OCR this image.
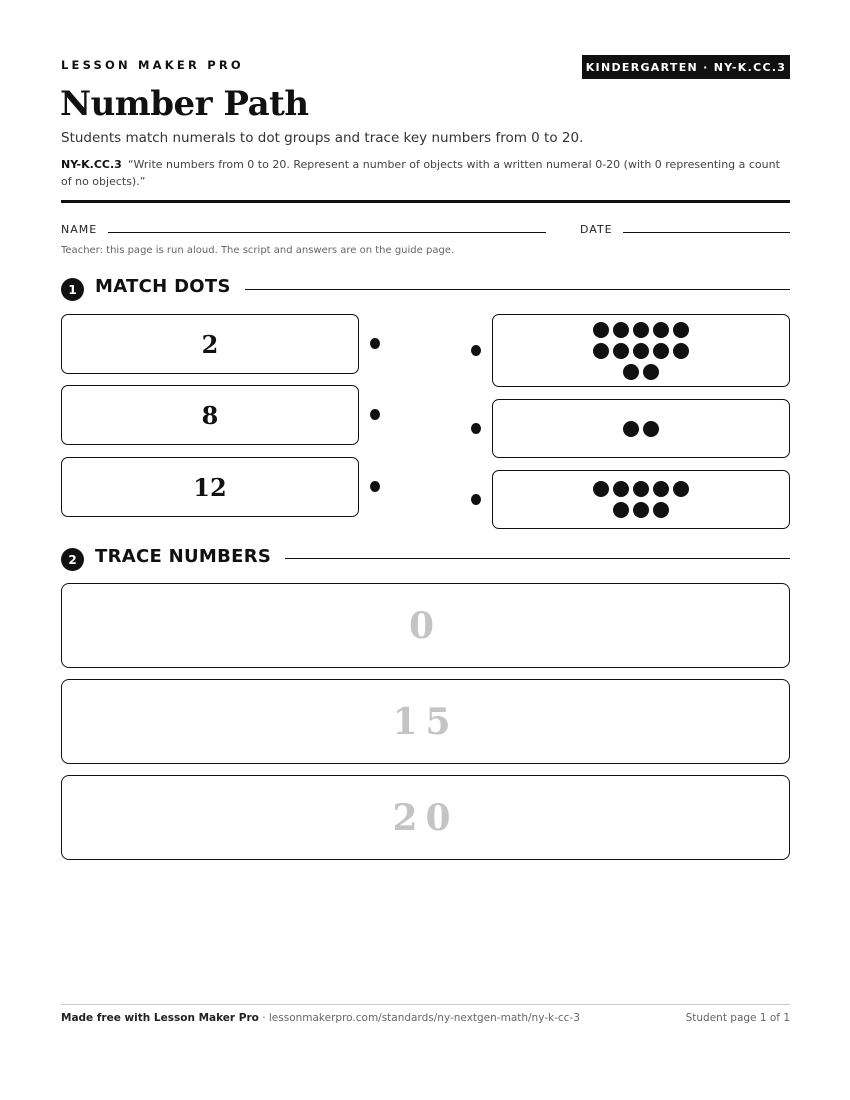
LESSON MAKER PRO	KINDERGARTEN · NY-K.CC.3
Number Path

Students match numerals to dot groups and trace key numbers from 0 to 20.

NY-K.CC.3 “Write numbers from 0 to 20. Represent a number of objects with a written numeral 0-20 (with 0 representing a count of no objects).”

NAME	DATE

Teacher: this page is run aloud. The script and answers are on the guide page.

1	MATCH DOTS
2
8
12
2	TRACE NUMBERS
0
15
20

Made free with Lesson Maker Pro · lessonmakerpro.com/standards/ny-nextgen-math/ny-k-cc-3	Student page 1 of 1
